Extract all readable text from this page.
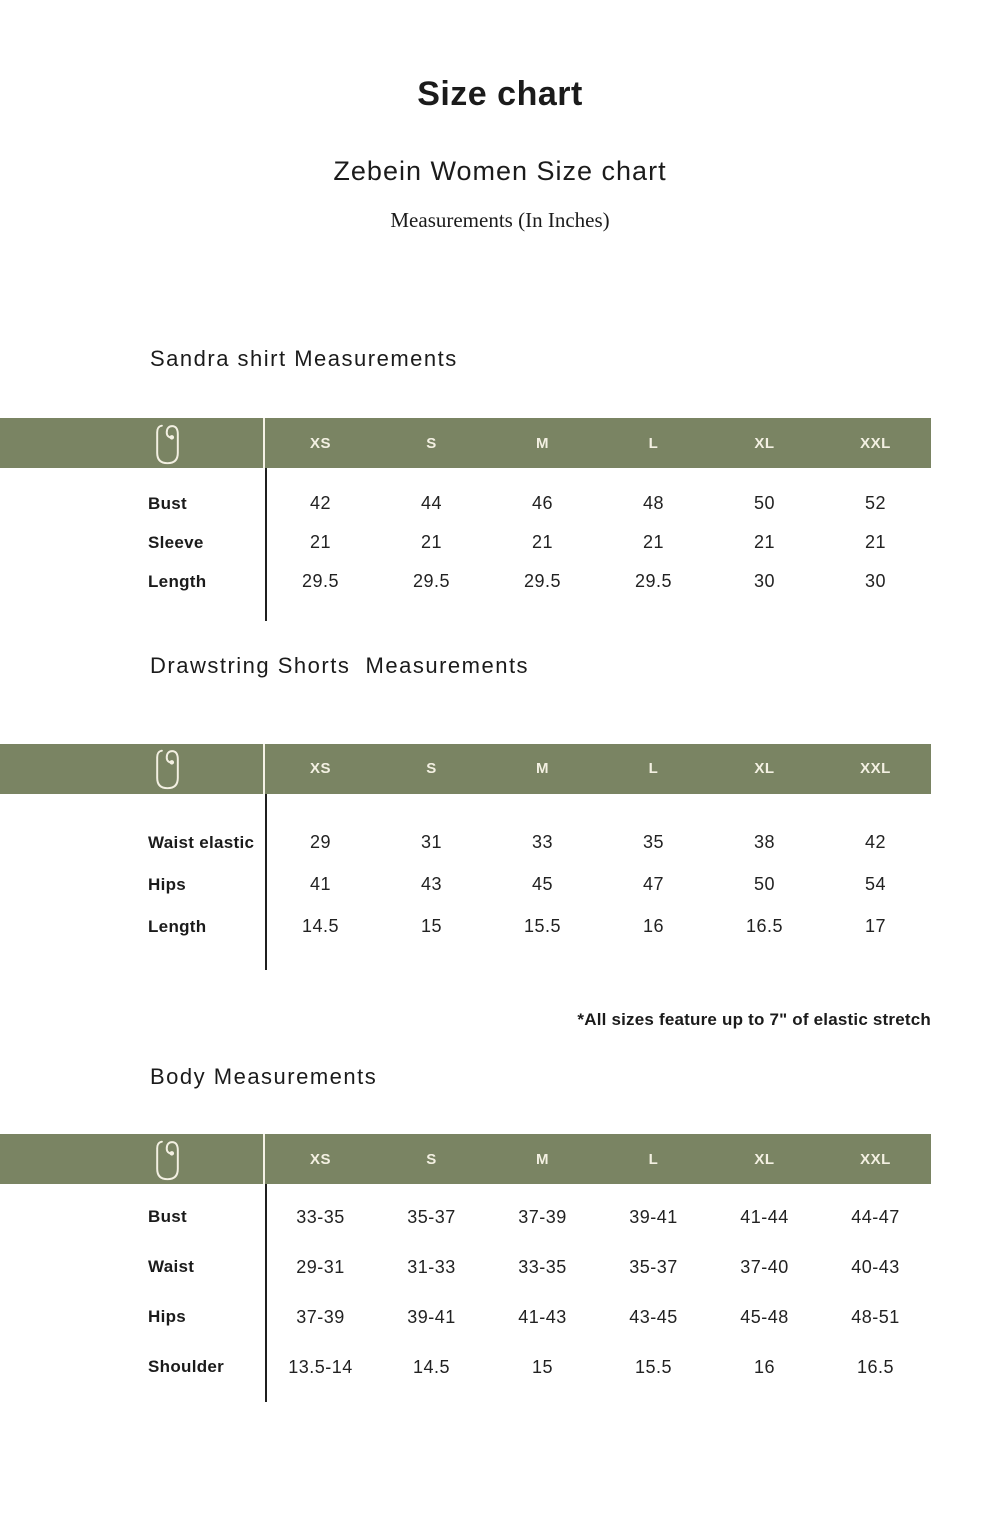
Size chart
Zebein Women Size chart
Measurements (In Inches)
Sandra shirt Measurements
XS	S	M	L	XL	XXL
Bust	42	44	46	48	50	52
Sleeve	21	21	21	21	21	21
Length	29.5	29.5	29.5	29.5	30	30
Drawstring Shorts  Measurements
XS	S	M	L	XL	XXL
Waist elastic	29	31	33	35	38	42
Hips	41	43	45	47	50	54
Length	14.5	15	15.5	16	16.5	17
*All sizes feature up to 7" of elastic stretch
Body Measurements
XS	S	M	L	XL	XXL
Bust	33-35	35-37	37-39	39-41	41-44	44-47
Waist	29-31	31-33	33-35	35-37	37-40	40-43
Hips	37-39	39-41	41-43	43-45	45-48	48-51
Shoulder	13.5-14	14.5	15	15.5	16	16.5
